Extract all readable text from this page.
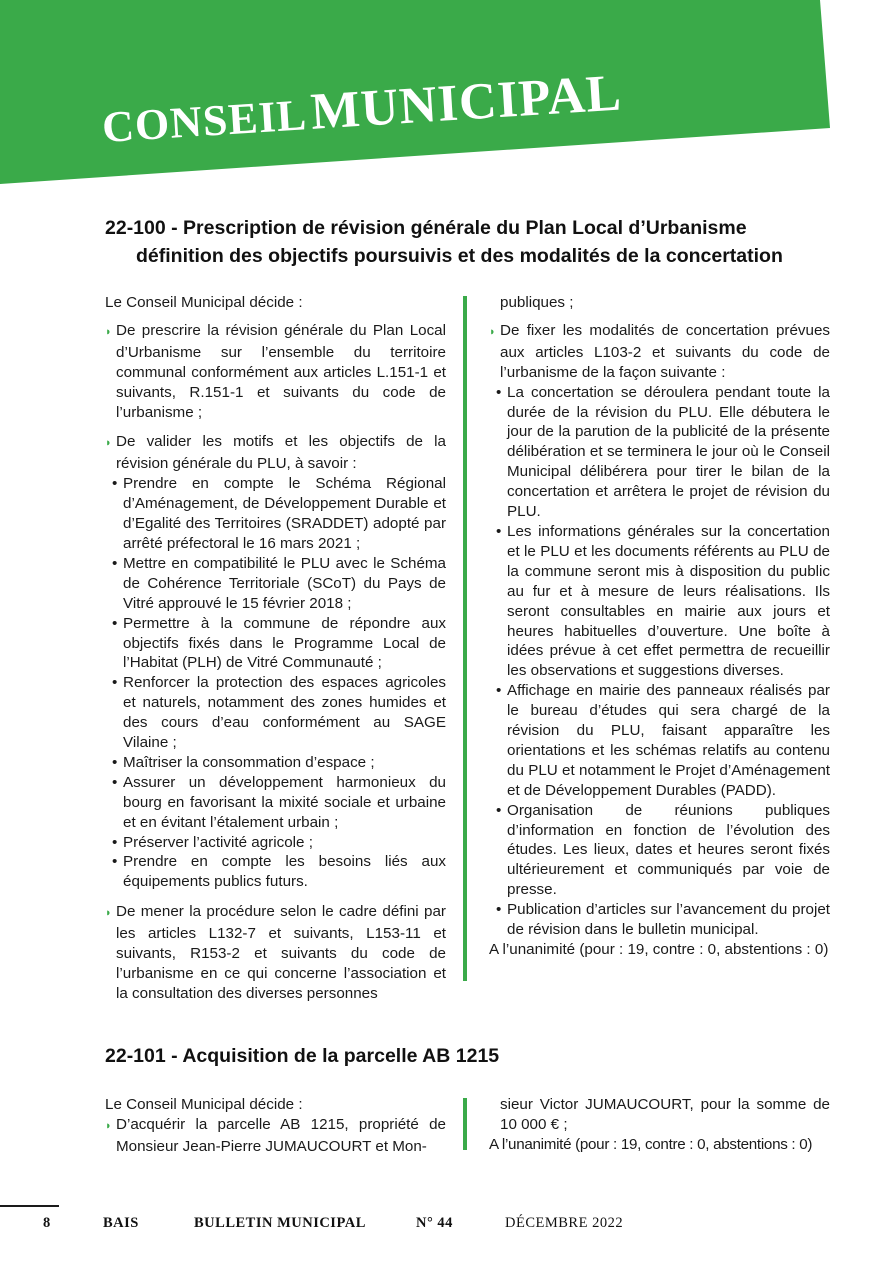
CONSEIL MUNICIPAL
22-100 - Prescription de révision générale du Plan Local d’Urbanisme
définition des objectifs poursuivis et des modalités de la concertation

Le Conseil Municipal décide :

◗ De prescrire la révision générale du Plan Local d’Urbanisme sur l’ensemble du territoire communal conformément aux articles L.151-1 et suivants, R.151-1 et suivants du code de l’urbanisme ;

◗ De valider les motifs et les objectifs de la révision générale du PLU, à savoir :

• Prendre en compte le Schéma Régional d’Aménagement, de Développement Durable et d’Egalité des Territoires (SRADDET) adopté par arrêté préfectoral le 16 mars 2021 ;

• Mettre en compatibilité le PLU avec le Schéma de Cohérence Territoriale (SCoT) du Pays de Vitré approuvé le 15 février 2018 ;

• Permettre à la commune de répondre aux objectifs fixés dans le Programme Local de l’Habitat (PLH) de Vitré Communauté ;

• Renforcer la protection des espaces agricoles et naturels, notamment des zones humides et des cours d’eau conformément au SAGE Vilaine ;

• Maîtriser la consommation d’espace ;

• Assurer un développement harmonieux du bourg en favorisant la mixité sociale et urbaine et en évitant l’étalement urbain ;

• Préserver l’activité agricole ;

• Prendre en compte les besoins liés aux équipements publics futurs.

◗ De mener la procédure selon le cadre défini par les articles L132-7 et suivants, L153-11 et suivants, R153-2 et suivants du code de l’urbanisme en ce qui concerne l’association et la consultation des diverses personnes

publiques ;

◗ De fixer les modalités de concertation prévues aux articles L103-2 et suivants du code de l’urbanisme de la façon suivante :

• La concertation se déroulera pendant toute la durée de la révision du PLU. Elle débutera le jour de la parution de la publicité de la présente délibération et se terminera le jour où le Conseil Municipal délibérera pour tirer le bilan de la concertation et arrêtera le projet de révision du PLU.

• Les informations générales sur la concertation et le PLU et les documents référents au PLU de la commune seront mis à disposition du public au fur et à mesure de leurs réalisations. Ils seront consultables en mairie aux jours et heures habituelles d’ouverture. Une boîte à idées prévue à cet effet permettra de recueillir les observations et suggestions diverses.

• Affichage en mairie des panneaux réalisés par le bureau d’études qui sera chargé de la révision du PLU, faisant apparaître les orientations et les schémas relatifs au contenu du PLU et notamment le Projet d’Aménagement et de Développement Durables (PADD).

• Organisation de réunions publiques d’information en fonction de l’évolution des études. Les lieux, dates et heures seront fixés ultérieurement et communiqués par voie de presse.

• Publication d’articles sur l’avancement du projet de révision dans le bulletin municipal.

A l’unanimité (pour : 19, contre : 0, abstentions : 0)

22-101 - Acquisition de la parcelle AB 1215

Le Conseil Municipal décide :

◗ D’acquérir la parcelle AB 1215, propriété de Monsieur Jean-Pierre JUMAUCOURT et Mon-

sieur Victor JUMAUCOURT, pour la somme de 10 000 € ;

A l’unanimité (pour : 19, contre : 0, abstentions : 0)

8	BAIS	BULLETIN MUNICIPAL	N° 44	DÉCEMBRE 2022
